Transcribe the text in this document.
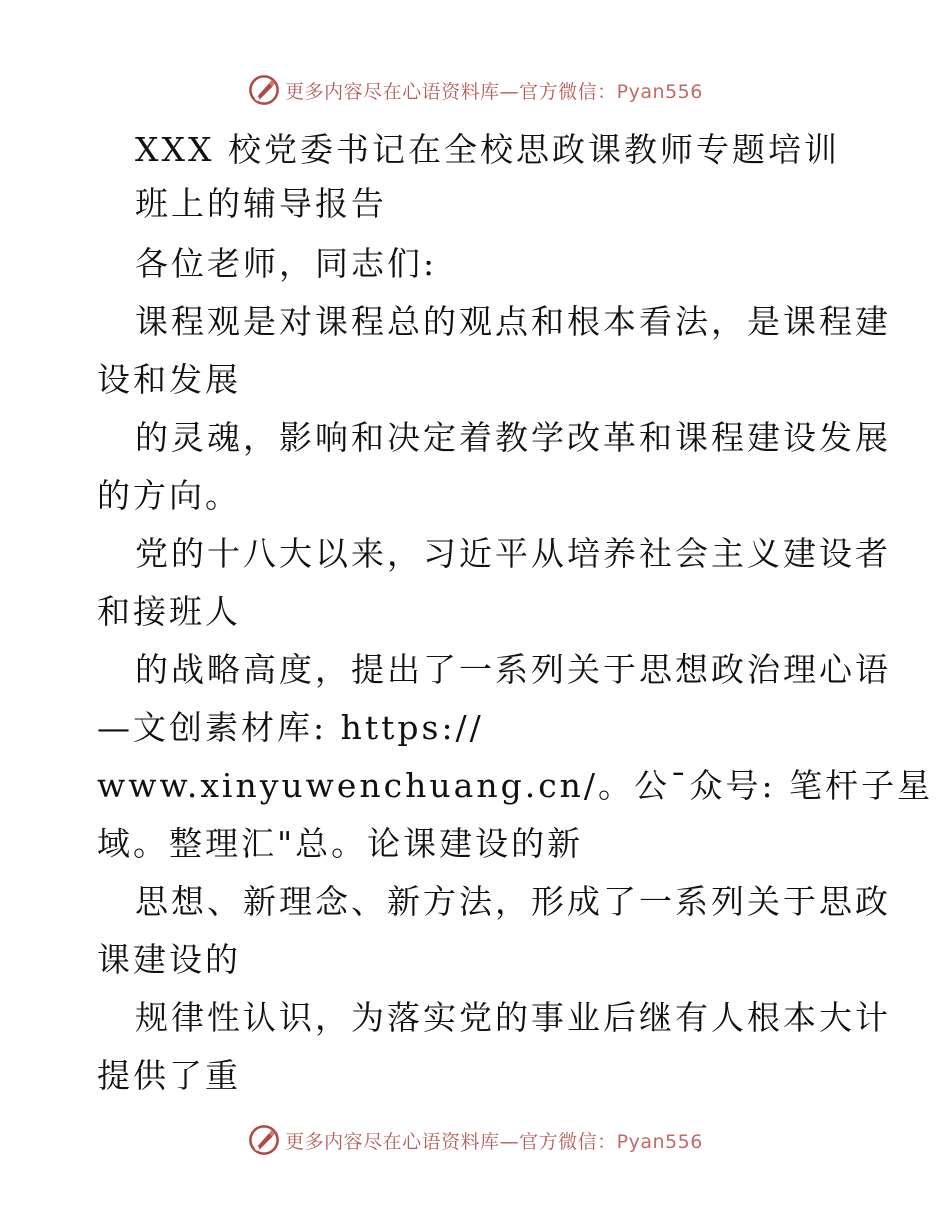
更多内容尽在心语资料库—官方微信：Pyan556
XXX 校党委书记在全校思政课教师专题培训
班上的辅导报告
各位老师，同志们:
课程观是对课程总的观点和根本看法，是课程建
设和发展
的灵魂，影响和决定着教学改革和课程建设发展
的方向。
党的十八大以来，习近平从培养社会主义建设者
和接班人
的战略高度，提出了一系列关于思想政治理心语
—文创素材库: https://
www.xinyuwenchuang.cn/。公¯众号: 笔杆子星
域。整理汇"总。论课建设的新
思想、新理念、新方法，形成了一系列关于思政
课建设的
规律性认识，为落实党的事业后继有人根本大计
提供了重
更多内容尽在心语资料库—官方微信：Pyan556
